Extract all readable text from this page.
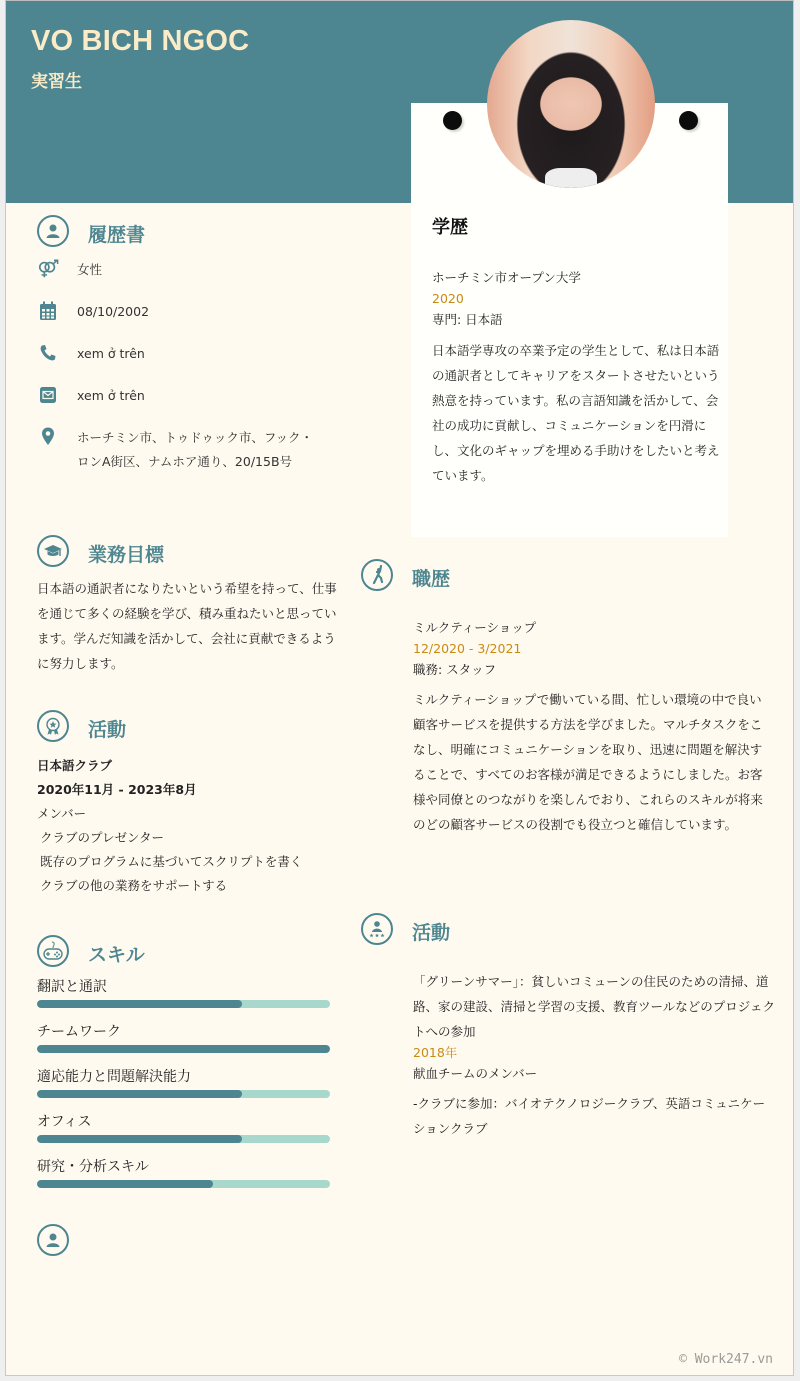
VO BICH NGOC
実習生
履歴書
女性
08/10/2002
xem ở trên
xem ở trên
ホーチミン市、トゥドゥック市、フック・ロンA街区、ナムホア通り、20/15B号
業務目標
日本語の通訳者になりたいという希望を持って、仕事を通じて多くの経験を学び、積み重ねたいと思っています。学んだ知識を活かして、会社に貢献できるように努力します。
活動
日本語クラブ
2020年11月 - 2023年8月
メンバー
クラブのプレゼンター
既存のプログラムに基づいてスクリプトを書く
クラブの他の業務をサポートする
スキル
翻訳と通訳
チームワーク
適応能力と問題解決能力
オフィス
研究・分析スキル
学歴
ホーチミン市オープン大学
2020
専門: 日本語
日本語学専攻の卒業予定の学生として、私は日本語の通訳者としてキャリアをスタートさせたいという熱意を持っています。私の言語知識を活かして、会社の成功に貢献し、コミュニケーションを円滑にし、文化のギャップを埋める手助けをしたいと考えています。
職歴
ミルクティーショップ
12/2020 - 3/2021
職務: スタッフ
ミルクティーショップで働いている間、忙しい環境の中で良い顧客サービスを提供する方法を学びました。マルチタスクをこなし、明確にコミュニケーションを取り、迅速に問題を解決することで、すべてのお客様が満足できるようにしました。お客様や同僚とのつながりを楽しんでおり、これらのスキルが将来のどの顧客サービスの役割でも役立つと確信しています。
活動
「グリーンサマー」：貧しいコミューンの住民のための清掃、道路、家の建設、清掃と学習の支援、教育ツールなどのプロジェクトへの参加
2018年
献血チームのメンバー
-クラブに参加：バイオテクノロジークラブ、英語コミュニケーションクラブ
© Work247.vn
